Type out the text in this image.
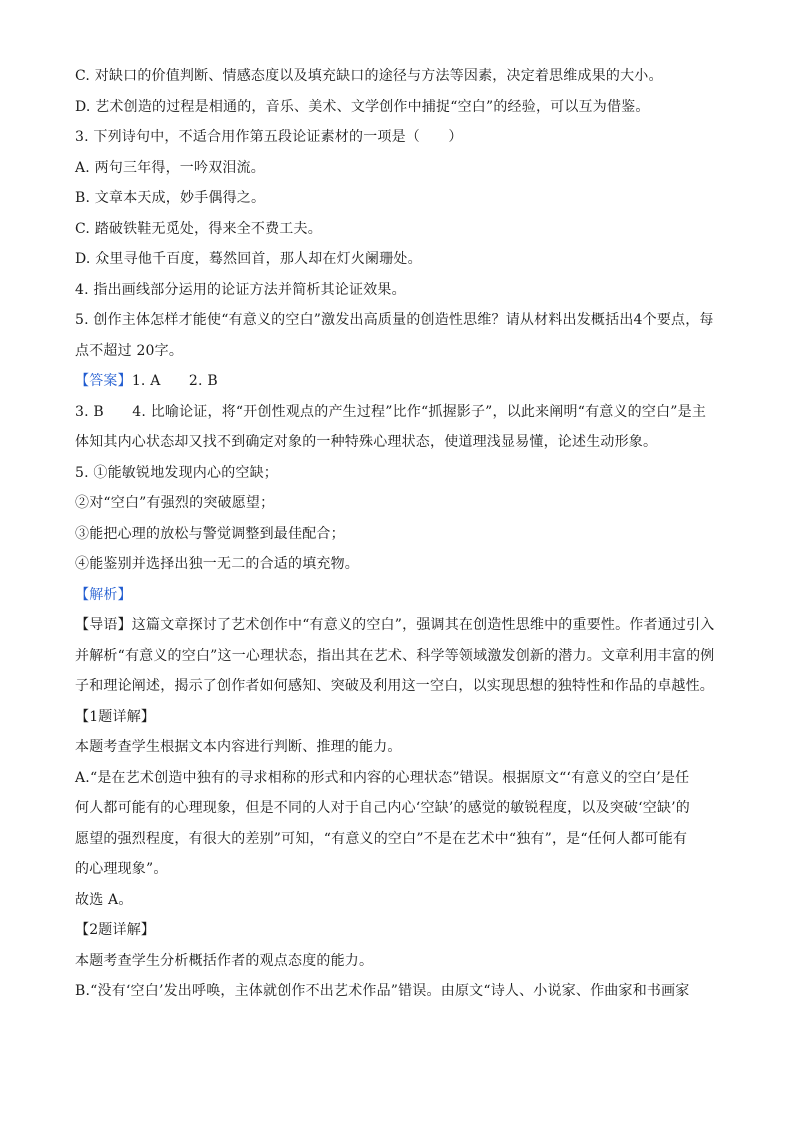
C. 对缺口的价值判断、情感态度以及填充缺口的途径与方法等因素，决定着思维成果的大小。

D. 艺术创造的过程是相通的，音乐、美术、文学创作中捕捉“空白”的经验，可以互为借鉴。

3. 下列诗句中，不适合用作第五段论证素材的一项是（　　）

A. 两句三年得，一吟双泪流。

B. 文章本天成，妙手偶得之。

C. 踏破铁鞋无觅处，得来全不费工夫。

D. 众里寻他千百度，蓦然回首，那人却在灯火阑珊处。

4. 指出画线部分运用的论证方法并简析其论证效果。

5. 创作主体怎样才能使“有意义的空白”激发出高质量的创造性思维？请从材料出发概括出4个要点，每

点不超过 20字。

【答案】1. A　　2. B

3. B　　4. 比喻论证，将“开创性观点的产生过程”比作“抓握影子”，以此来阐明“有意义的空白”是主

体知其内心状态却又找不到确定对象的一种特殊心理状态，使道理浅显易懂，论述生动形象。

5. ①能敏锐地发现内心的空缺；

②对“空白”有强烈的突破愿望；

③能把心理的放松与警觉调整到最佳配合；

④能鉴别并选择出独一无二的合适的填充物。

【解析】

【导语】这篇文章探讨了艺术创作中“有意义的空白”，强调其在创造性思维中的重要性。作者通过引入

并解析“有意义的空白”这一心理状态，指出其在艺术、科学等领域激发创新的潜力。文章利用丰富的例

子和理论阐述，揭示了创作者如何感知、突破及利用这一空白，以实现思想的独特性和作品的卓越性。

【1题详解】

本题考查学生根据文本内容进行判断、推理的能力。

A.“是在艺术创造中独有的寻求相称的形式和内容的心理状态”错误。根据原文“‘有意义的空白’是任

何人都可能有的心理现象，但是不同的人对于自己内心‘空缺’的感觉的敏锐程度，以及突破‘空缺’的

愿望的强烈程度，有很大的差别”可知，“有意义的空白”不是在艺术中“独有”，是“任何人都可能有

的心理现象”。

故选 A。

【2题详解】

本题考查学生分析概括作者的观点态度的能力。

B.“没有‘空白’发出呼唤，主体就创作不出艺术作品”错误。由原文“诗人、小说家、作曲家和书画家
